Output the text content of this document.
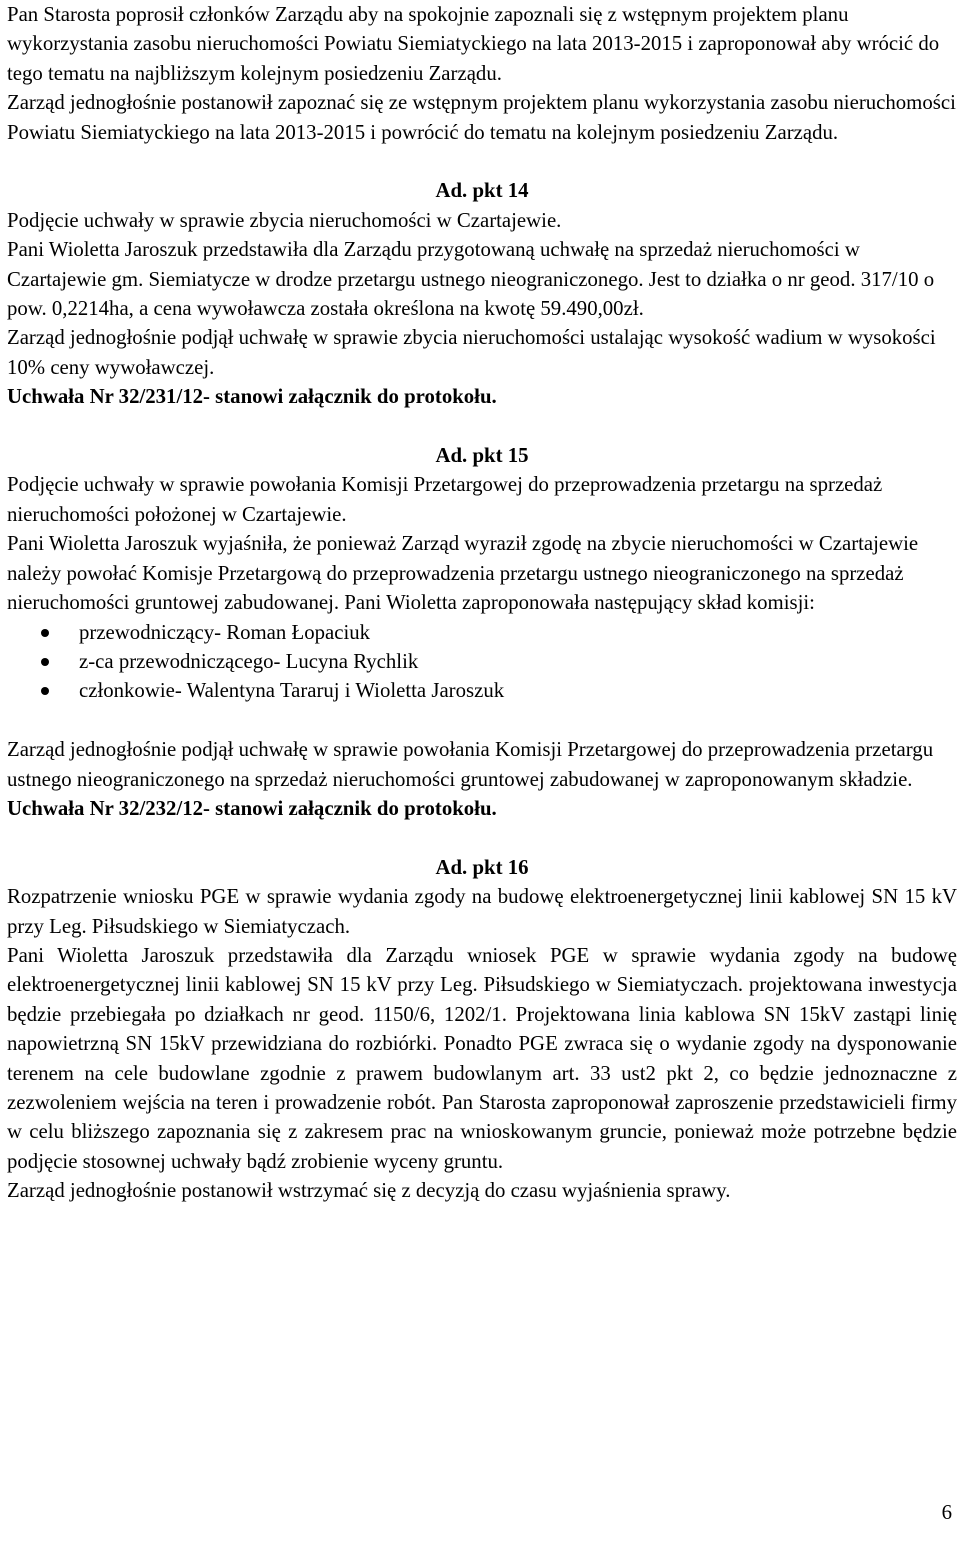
Pan Starosta poprosił członków Zarządu aby na spokojnie zapoznali się z wstępnym projektem planu wykorzystania zasobu nieruchomości Powiatu Siemiatyckiego na lata 2013-2015 i zaproponował aby wrócić do tego tematu na najbliższym kolejnym posiedzeniu Zarządu.

Zarząd jednogłośnie postanowił zapoznać się ze wstępnym projektem planu wykorzystania zasobu nieruchomości Powiatu Siemiatyckiego na lata 2013-2015 i powrócić do tematu na kolejnym posiedzeniu Zarządu.

Ad. pkt 14

Podjęcie uchwały w sprawie zbycia nieruchomości w Czartajewie.

Pani Wioletta Jaroszuk przedstawiła dla Zarządu przygotowaną uchwałę na sprzedaż nieruchomości w Czartajewie gm. Siemiatycze w drodze przetargu ustnego nieograniczonego. Jest to działka o nr geod. 317/10 o pow. 0,2214ha, a cena wywoławcza została określona na kwotę 59.490,00zł.

Zarząd jednogłośnie podjął uchwałę w sprawie zbycia nieruchomości ustalając wysokość wadium w wysokości 10% ceny wywoławczej.

Uchwała Nr 32/231/12- stanowi załącznik do protokołu.

Ad. pkt 15

Podjęcie uchwały w sprawie powołania Komisji Przetargowej do przeprowadzenia przetargu na sprzedaż nieruchomości położonej w Czartajewie.

Pani Wioletta Jaroszuk wyjaśniła, że ponieważ Zarząd wyraził zgodę na zbycie nieruchomości w Czartajewie należy powołać Komisje Przetargową do przeprowadzenia przetargu ustnego nieograniczonego na sprzedaż nieruchomości gruntowej zabudowanej. Pani Wioletta zaproponowała następujący skład komisji:

przewodniczący- Roman Łopaciuk
z-ca przewodniczącego- Lucyna Rychlik
członkowie- Walentyna Tararuj i Wioletta Jaroszuk

Zarząd jednogłośnie podjął uchwałę w sprawie powołania Komisji Przetargowej do przeprowadzenia przetargu ustnego nieograniczonego na sprzedaż nieruchomości gruntowej zabudowanej w zaproponowanym składzie.

Uchwała Nr 32/232/12- stanowi załącznik do protokołu.

Ad. pkt 16

Rozpatrzenie wniosku PGE w sprawie wydania zgody na budowę elektroenergetycznej linii kablowej SN 15 kV przy Leg. Piłsudskiego w Siemiatyczach.

Pani Wioletta Jaroszuk przedstawiła dla Zarządu wniosek PGE w sprawie wydania zgody na budowę elektroenergetycznej linii kablowej SN 15 kV przy Leg. Piłsudskiego w Siemiatyczach. projektowana inwestycja będzie przebiegała po działkach nr geod. 1150/6, 1202/1. Projektowana linia kablowa SN 15kV zastąpi linię napowietrzną SN 15kV przewidziana do rozbiórki. Ponadto PGE zwraca się o wydanie zgody na dysponowanie terenem na cele budowlane zgodnie z prawem budowlanym art. 33 ust2 pkt 2, co będzie jednoznaczne z zezwoleniem wejścia na teren i prowadzenie robót. Pan Starosta zaproponował zaproszenie przedstawicieli firmy w celu bliższego zapoznania się z zakresem prac na wnioskowanym gruncie, ponieważ może potrzebne będzie podjęcie stosownej uchwały bądź zrobienie wyceny gruntu.

Zarząd jednogłośnie postanowił wstrzymać się z decyzją do czasu wyjaśnienia sprawy.

6
